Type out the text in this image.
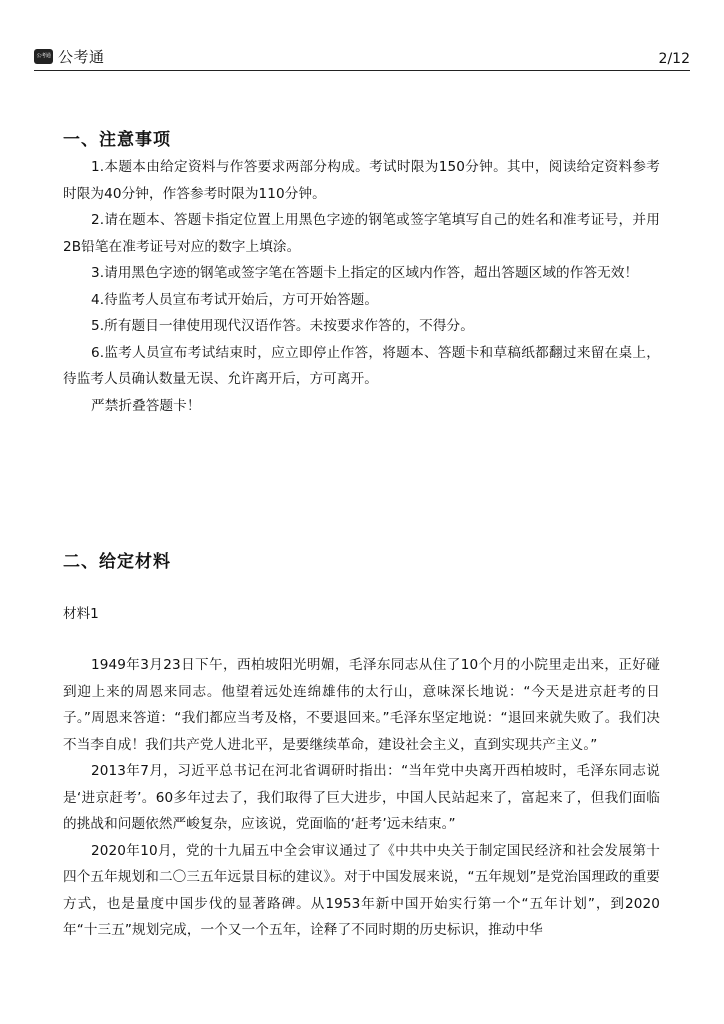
公考通 公考通	2/12
一、注意事项

1.本题本由给定资料与作答要求两部分构成。考试时限为150分钟。其中，阅读给定资料参考时限为40分钟，作答参考时限为110分钟。

2.请在题本、答题卡指定位置上用黑色字迹的钢笔或签字笔填写自己的姓名和准考证号，并用2B铅笔在准考证号对应的数字上填涂。

3.请用黑色字迹的钢笔或签字笔在答题卡上指定的区域内作答，超出答题区域的作答无效！

4.待监考人员宣布考试开始后，方可开始答题。

5.所有题目一律使用现代汉语作答。未按要求作答的，不得分。

6.监考人员宣布考试结束时，应立即停止作答，将题本、答题卡和草稿纸都翻过来留在桌上，待监考人员确认数量无误、允许离开后，方可离开。

严禁折叠答题卡！

二、给定材料
材料1

1949年3月23日下午，西柏坡阳光明媚，毛泽东同志从住了10个月的小院里走出来，正好碰到迎上来的周恩来同志。他望着远处连绵雄伟的太行山，意味深长地说：“今天是进京赶考的日子。”周恩来答道：“我们都应当考及格，不要退回来。”毛泽东坚定地说：“退回来就失败了。我们决不当李自成！我们共产党人进北平，是要继续革命，建设社会主义，直到实现共产主义。”

2013年7月，习近平总书记在河北省调研时指出：“当年党中央离开西柏坡时，毛泽东同志说是‘进京赶考’。60多年过去了，我们取得了巨大进步，中国人民站起来了，富起来了，但我们面临的挑战和问题依然严峻复杂，应该说，党面临的‘赶考’远未结束。”

2020年10月，党的十九届五中全会审议通过了《中共中央关于制定国民经济和社会发展第十四个五年规划和二〇三五年远景目标的建议》。对于中国发展来说，“五年规划”是党治国理政的重要方式，也是量度中国步伐的显著路碑。从1953年新中国开始实行第一个“五年计划”，到2020年“十三五”规划完成，一个又一个五年，诠释了不同时期的历史标识，推动中华
